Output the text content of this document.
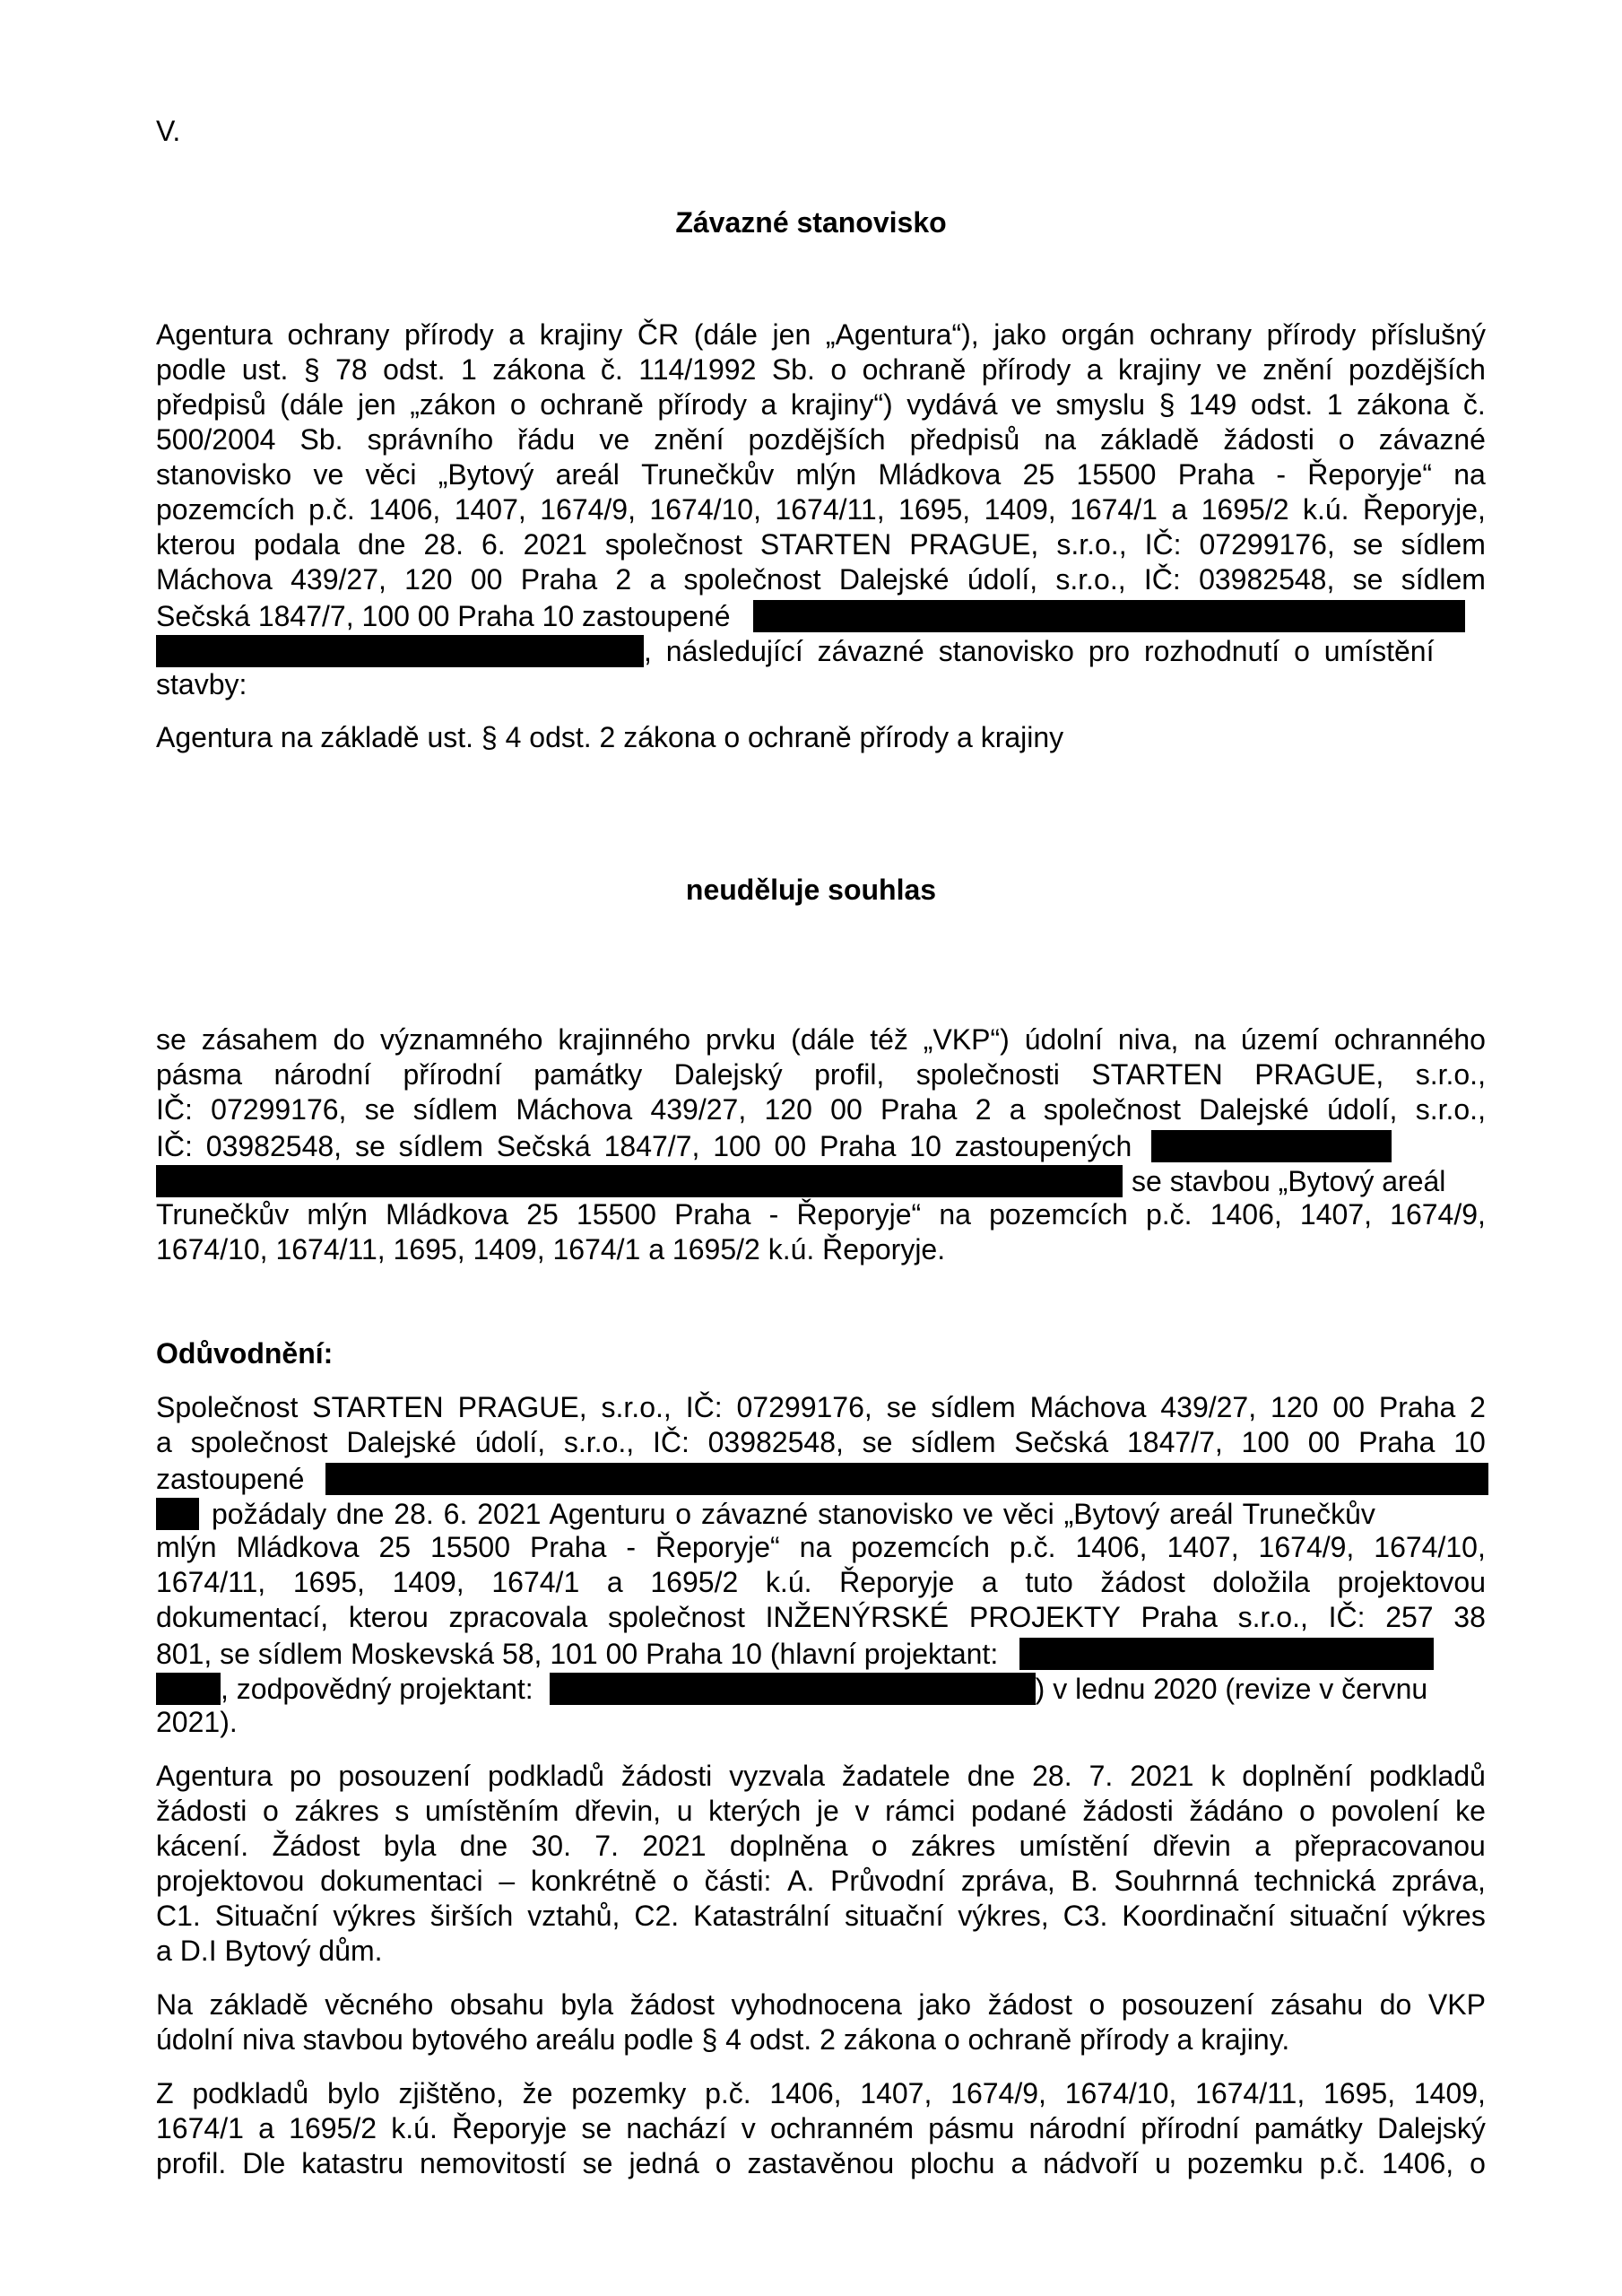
V.
Závazné stanovisko
Agentura ochrany přírody a krajiny ČR (dále jen „Agentura“), jako orgán ochrany přírody příslušný
podle ust. § 78 odst. 1 zákona č. 114/1992 Sb. o ochraně přírody a krajiny ve znění pozdějších
předpisů (dále jen „zákon o ochraně přírody a krajiny“) vydává ve smyslu § 149 odst. 1 zákona č.
500/2004 Sb. správního řádu ve znění pozdějších předpisů na základě žádosti o závazné
stanovisko ve věci „Bytový areál Trunečkův mlýn Mládkova 25 15500 Praha - Řeporyje“ na
pozemcích p.č. 1406, 1407, 1674/9, 1674/10, 1674/11, 1695, 1409, 1674/1 a 1695/2 k.ú. Řeporyje,
kterou podala dne 28. 6. 2021 společnost STARTEN PRAGUE, s.r.o., IČ: 07299176, se sídlem
Máchova 439/27, 120 00 Praha 2 a společnost Dalejské údolí, s.r.o., IČ: 03982548, se sídlem
Sečská 1847/7, 100 00 Praha 10 zastoupené
, následující závazné stanovisko pro rozhodnutí o umístění
stavby:
Agentura na základě ust. § 4 odst. 2 zákona o ochraně přírody a krajiny
neuděluje souhlas
se zásahem do významného krajinného prvku (dále též „VKP“) údolní niva, na území ochranného
pásma národní přírodní památky Dalejský profil, společnosti STARTEN PRAGUE, s.r.o.,
IČ: 07299176, se sídlem Máchova 439/27, 120 00 Praha 2 a společnost Dalejské údolí, s.r.o.,
IČ: 03982548, se sídlem Sečská 1847/7, 100 00 Praha 10 zastoupených
se stavbou „Bytový areál
Trunečkův mlýn Mládkova 25 15500 Praha - Řeporyje“ na pozemcích p.č. 1406, 1407, 1674/9,
1674/10, 1674/11, 1695, 1409, 1674/1 a 1695/2 k.ú. Řeporyje.
Odůvodnění:
Společnost STARTEN PRAGUE, s.r.o., IČ: 07299176, se sídlem Máchova 439/27, 120 00 Praha 2
a společnost Dalejské údolí, s.r.o., IČ: 03982548, se sídlem Sečská 1847/7, 100 00 Praha 10
zastoupené
požádaly dne 28. 6. 2021 Agenturu o závazné stanovisko ve věci „Bytový areál Trunečkův
mlýn Mládkova 25 15500 Praha - Řeporyje“ na pozemcích p.č. 1406, 1407, 1674/9, 1674/10,
1674/11, 1695, 1409, 1674/1 a 1695/2 k.ú. Řeporyje a tuto žádost doložila projektovou
dokumentací, kterou zpracovala společnost INŽENÝRSKÉ PROJEKTY Praha s.r.o., IČ: 257 38
801, se sídlem Moskevská 58, 101 00 Praha 10 (hlavní projektant:
, zodpovědný projektant:	) v lednu 2020 (revize v červnu
2021).
Agentura po posouzení podkladů žádosti vyzvala žadatele dne 28. 7. 2021 k doplnění podkladů
žádosti o zákres s umístěním dřevin, u kterých je v rámci podané žádosti žádáno o povolení ke
kácení. Žádost byla dne 30. 7. 2021 doplněna o zákres umístění dřevin a přepracovanou
projektovou dokumentaci – konkrétně o části: A. Průvodní zpráva, B. Souhrnná technická zpráva,
C1. Situační výkres širších vztahů, C2. Katastrální situační výkres, C3. Koordinační situační výkres
a D.I Bytový dům.
Na základě věcného obsahu byla žádost vyhodnocena jako žádost o posouzení zásahu do VKP
údolní niva stavbou bytového areálu podle § 4 odst. 2 zákona o ochraně přírody a krajiny.
Z podkladů bylo zjištěno, že pozemky p.č. 1406, 1407, 1674/9, 1674/10, 1674/11, 1695, 1409,
1674/1 a 1695/2 k.ú. Řeporyje se nachází v ochranném pásmu národní přírodní památky Dalejský
profil. Dle katastru nemovitostí se jedná o zastavěnou plochu a nádvoří u pozemku p.č. 1406, o
